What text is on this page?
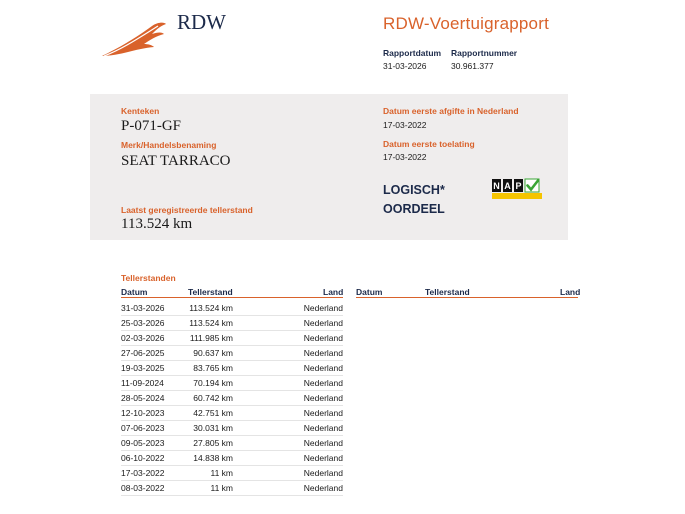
RDW	RDW-Voertuigrapport
Rapportdatum
31-03-2026
Rapportnummer
30.961.377
Kenteken
P-071-GF
Merk/Handelsbenaming
SEAT TARRACO
Laatst geregistreerde tellerstand
113.524 km
Datum eerste afgifte in Nederland
17-03-2022
Datum eerste toelating
17-03-2022
LOGISCH*
OORDEEL
N A P
Tellerstanden
Datum	Tellerstand	Land Datum	Tellerstand	Land
31-03-2026	113.524 km	Nederland
25-03-2026	113.524 km	Nederland
02-03-2026	111.985 km	Nederland
27-06-2025	90.637 km	Nederland
19-03-2025	83.765 km	Nederland
11-09-2024	70.194 km	Nederland
28-05-2024	60.742 km	Nederland
12-10-2023	42.751 km	Nederland
07-06-2023	30.031 km	Nederland
09-05-2023	27.805 km	Nederland
06-10-2022	14.838 km	Nederland
17-03-2022	11 km	Nederland
08-03-2022	11 km	Nederland
